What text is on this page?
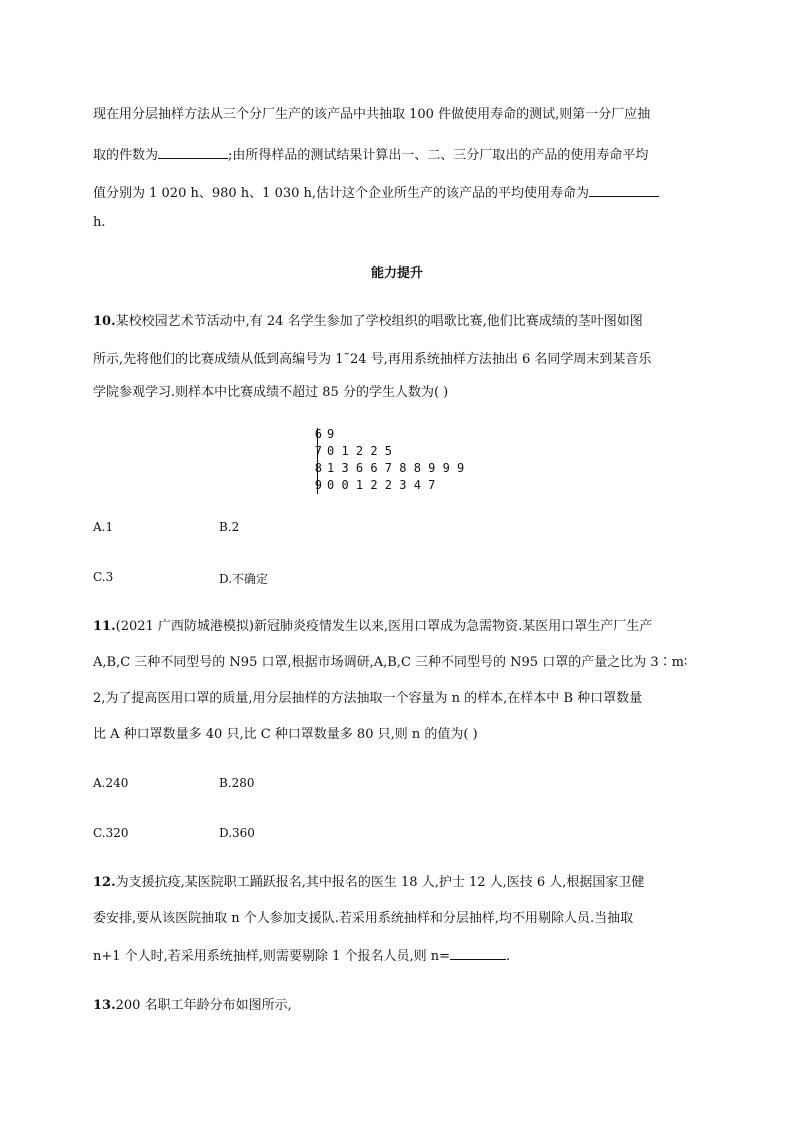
现在用分层抽样方法从三个分厂生产的该产品中共抽取 100 件做使用寿命的测试,则第一分厂应抽
取的件数为	;由所得样品的测试结果计算出一、二、三分厂取出的产品的使用寿命平均
值分别为 1 020 h、980 h、1 030 h,估计这个企业所生产的该产品的平均使用寿命为
h.
能力提升
10.某校校园艺术节活动中,有 24 名学生参加了学校组织的唱歌比赛,他们比赛成绩的茎叶图如图
所示,先将他们的比赛成绩从低到高编号为 1˜24 号,再用系统抽样方法抽出 6 名同学周末到某音乐
学院参观学习.则样本中比赛成绩不超过 85 分的学生人数为( )
6 9
7 0 1 2 2 5
8 1 3 6 6 7 8 8 9 9 9
9 0 0 1 2 2 3 4 7
A.1	B.2
C.3	D.不确定
11.(2021 广西防城港模拟)新冠肺炎疫情发生以来,医用口罩成为急需物资.某医用口罩生产厂生产
A,B,C 三种不同型号的 N95 口罩,根据市场调研,A,B,C 三种不同型号的 N95 口罩的产量之比为 3∶m∶
2,为了提高医用口罩的质量,用分层抽样的方法抽取一个容量为 n 的样本,在样本中 B 种口罩数量
比 A 种口罩数量多 40 只,比 C 种口罩数量多 80 只,则 n 的值为( )
A.240	B.280
C.320	D.360
12.为支援抗疫,某医院职工踊跃报名,其中报名的医生 18 人,护士 12 人,医技 6 人,根据国家卫健
委安排,要从该医院抽取 n 个人参加支援队.若采用系统抽样和分层抽样,均不用剔除人员.当抽取
n+1 个人时,若采用系统抽样,则需要剔除 1 个报名人员,则 n=	.
13.200 名职工年龄分布如图所示,
